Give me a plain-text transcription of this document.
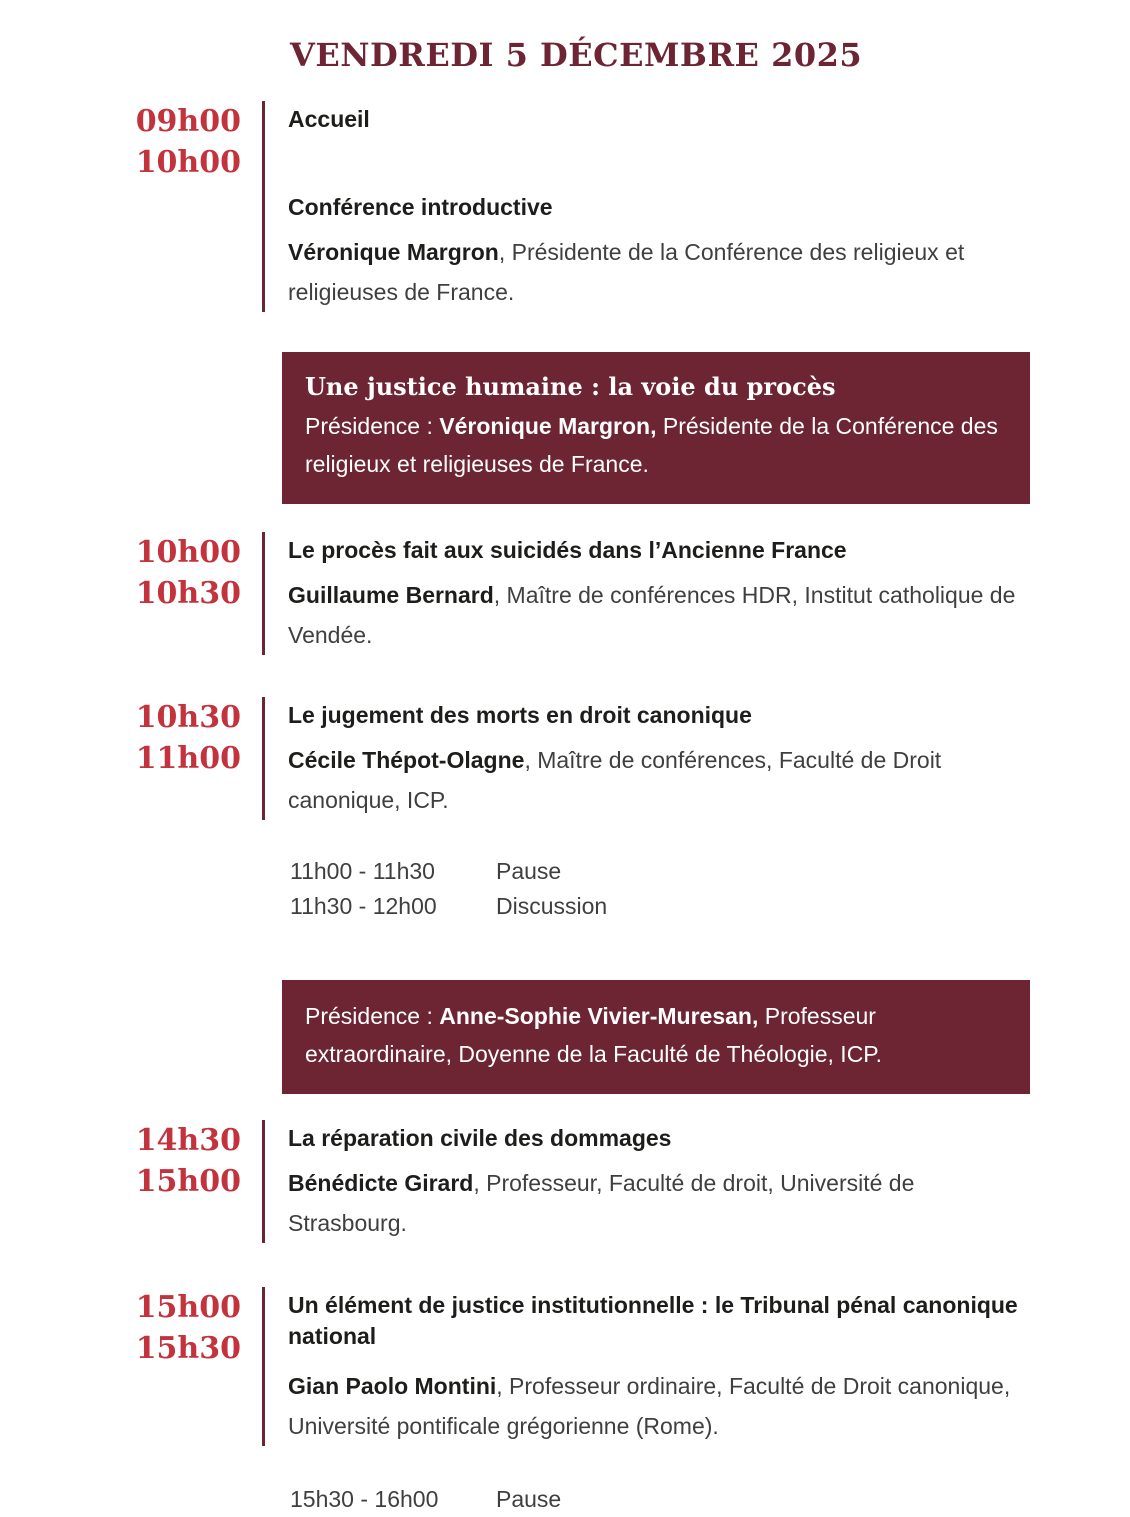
VENDREDI 5 DÉCEMBRE 2025
09h00
10h00

Accueil

Conférence introductive

Véronique Margron, Présidente de la Conférence des religieux et religieuses de France.

Une justice humaine : la voie du procès

Présidence : Véronique Margron, Présidente de la Conférence des religieux et religieuses de France.

10h00
10h30

Le procès fait aux suicidés dans l’Ancienne France

Guillaume Bernard, Maître de conférences HDR, Institut catholique de Vendée.

10h30
11h00

Le jugement des morts en droit canonique

Cécile Thépot-Olagne, Maître de conférences, Faculté de Droit canonique, ICP.

11h00 - 11h30	Pause
11h30 - 12h00	Discussion

Présidence : Anne-Sophie Vivier-Muresan, Professeur extraordinaire, Doyenne de la Faculté de Théologie, ICP.

14h30
15h00

La réparation civile des dommages

Bénédicte Girard, Professeur, Faculté de droit, Université de Strasbourg.

15h00
15h30

Un élément de justice institutionnelle : le Tribunal pénal canonique national

Gian Paolo Montini, Professeur ordinaire, Faculté de Droit canonique, Université pontificale grégorienne (Rome).

15h30 - 16h00	Pause
